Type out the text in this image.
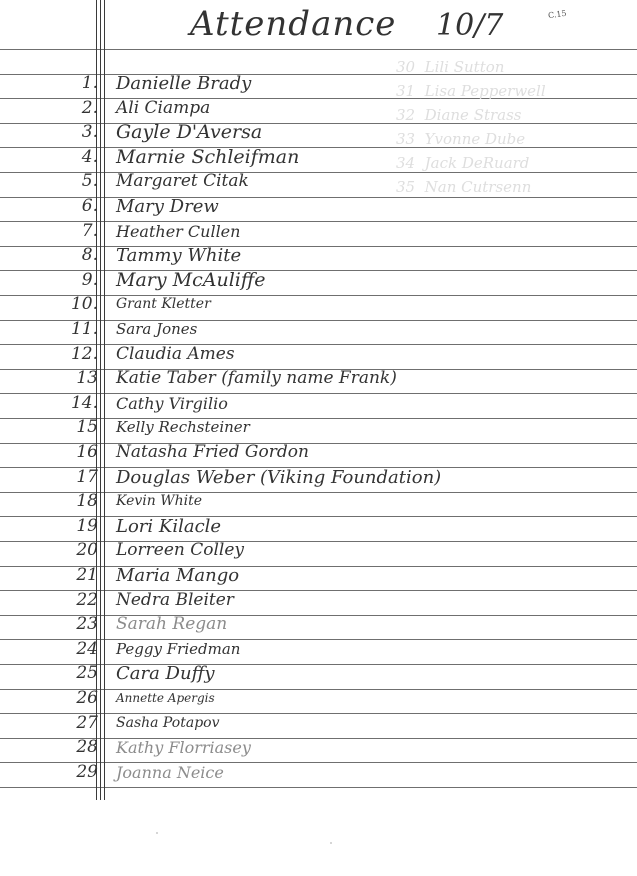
30  Lili Sutton
31  Lisa Pepperwell
32  Diane Strass
33  Yvonne Dube
34  Jack DeRuard
35  Nan Cutrsenn
Attendance	10/7	C.15
1. Danielle Brady
2. Ali Ciampa
3. Gayle D'Aversa
4. Marnie Schleifman
5. Margaret Citak
6. Mary Drew
7. Heather Cullen
8. Tammy White
9. Mary McAuliffe
10. Grant Kletter
11. Sara Jones
12. Claudia Ames
13 Katie Taber (family name Frank)
14. Cathy Virgilio
15 Kelly Rechsteiner
16 Natasha Fried Gordon
17 Douglas Weber (Viking Foundation)
18 Kevin White
19 Lori Kilacle
20 Lorreen Colley
21 Maria Mango
22 Nedra Bleiter
23 Sarah Regan
24 Peggy Friedman
25 Cara Duffy
26 Annette Apergis
27 Sasha Potapov
28 Kathy Florriasey
29 Joanna Neice
